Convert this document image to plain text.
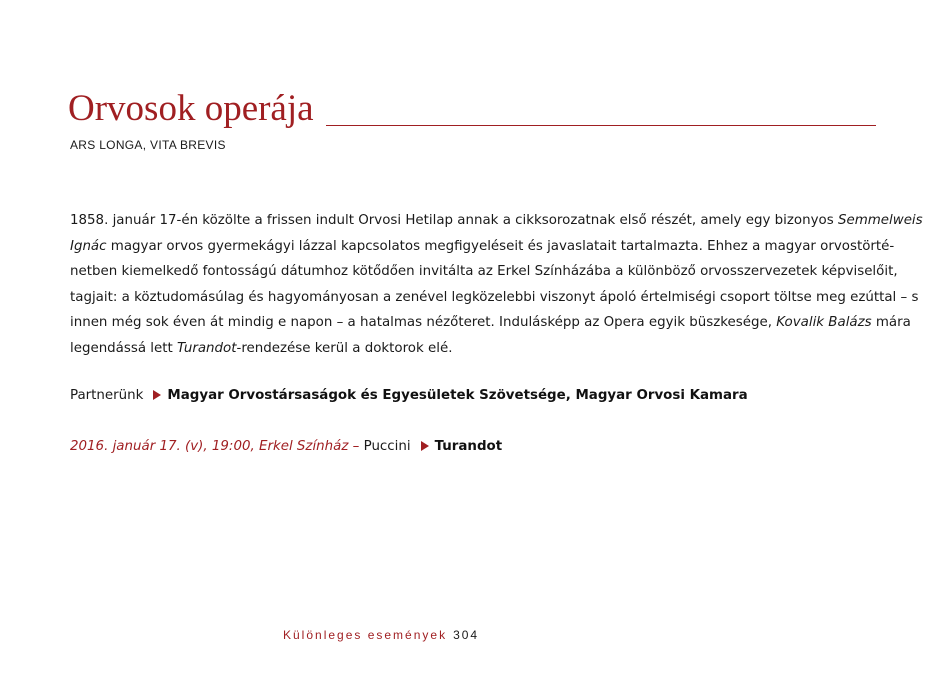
Orvosok operája
ARS LONGA, VITA BREVIS
1858. január 17-én közölte a frissen indult Orvosi Hetilap annak a cikksorozatnak első részét, amely egy bizonyos Semmelweis
Ignác magyar orvos gyermekágyi lázzal kapcsolatos megfigyeléseit és javaslatait tartalmazta. Ehhez a magyar orvostörté-
netben kiemelkedő fontosságú dátumhoz kötődően invitálta az Erkel Színházába a különböző orvosszervezetek képviselőit,
tagjait: a köztudomásúlag és hagyományosan a zenével legközelebbi viszonyt ápoló értelmiségi csoport töltse meg ezúttal – s
innen még sok éven át mindig e napon – a hatalmas nézőteret. Indulásképp az Opera egyik büszkesége, Kovalik Balázs mára
legendássá lett Turandot-rendezése kerül a doktorok elé.
Partnerünk Magyar Orvostársaságok és Egyesületek Szövetsége, Magyar Orvosi Kamara
2016. január 17. (v), 19:00, Erkel Színház – Puccini Turandot
Különleges események 304
